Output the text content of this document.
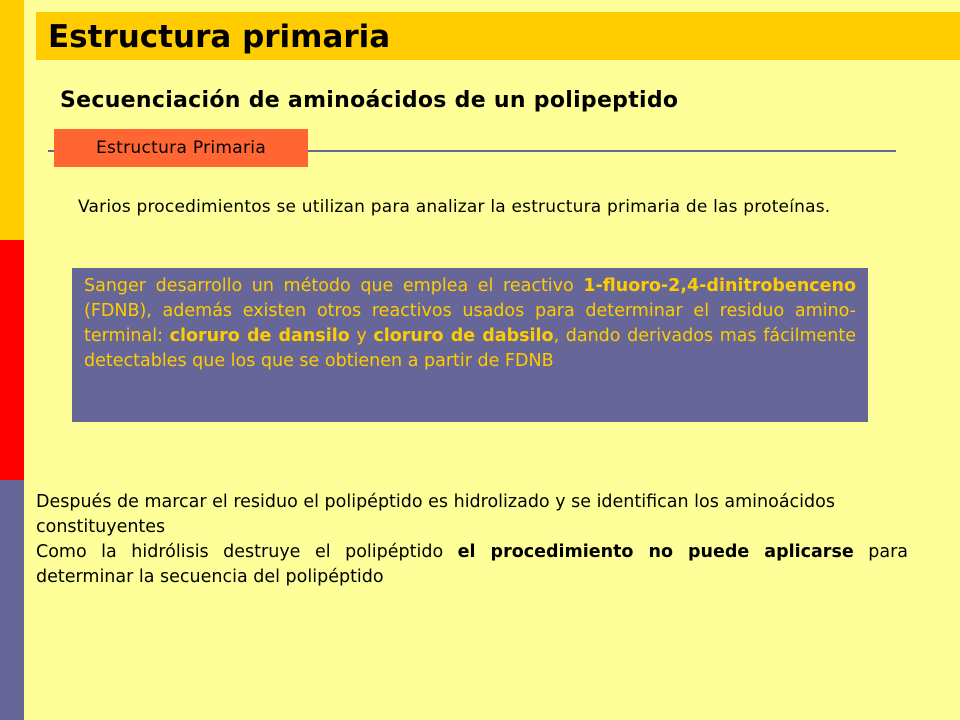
Estructura primaria
Secuenciación de aminoácidos de un polipeptido
Estructura Primaria

Varios procedimientos se utilizan para analizar la estructura primaria de las proteínas.

Sanger desarrollo un método que emplea el reactivo 1-fluoro-2,4-dinitrobenceno (FDNB), además existen otros reactivos usados para determinar el residuo amino-terminal: cloruro de dansilo y cloruro de dabsilo, dando derivados mas fácilmente detectables que los que se obtienen a partir de FDNB

Después de marcar el residuo el polipéptido es hidrolizado y se identifican los aminoácidos constituyentes

Como la hidrólisis destruye el polipéptido el procedimiento no puede aplicarse para determinar la secuencia del polipéptido
